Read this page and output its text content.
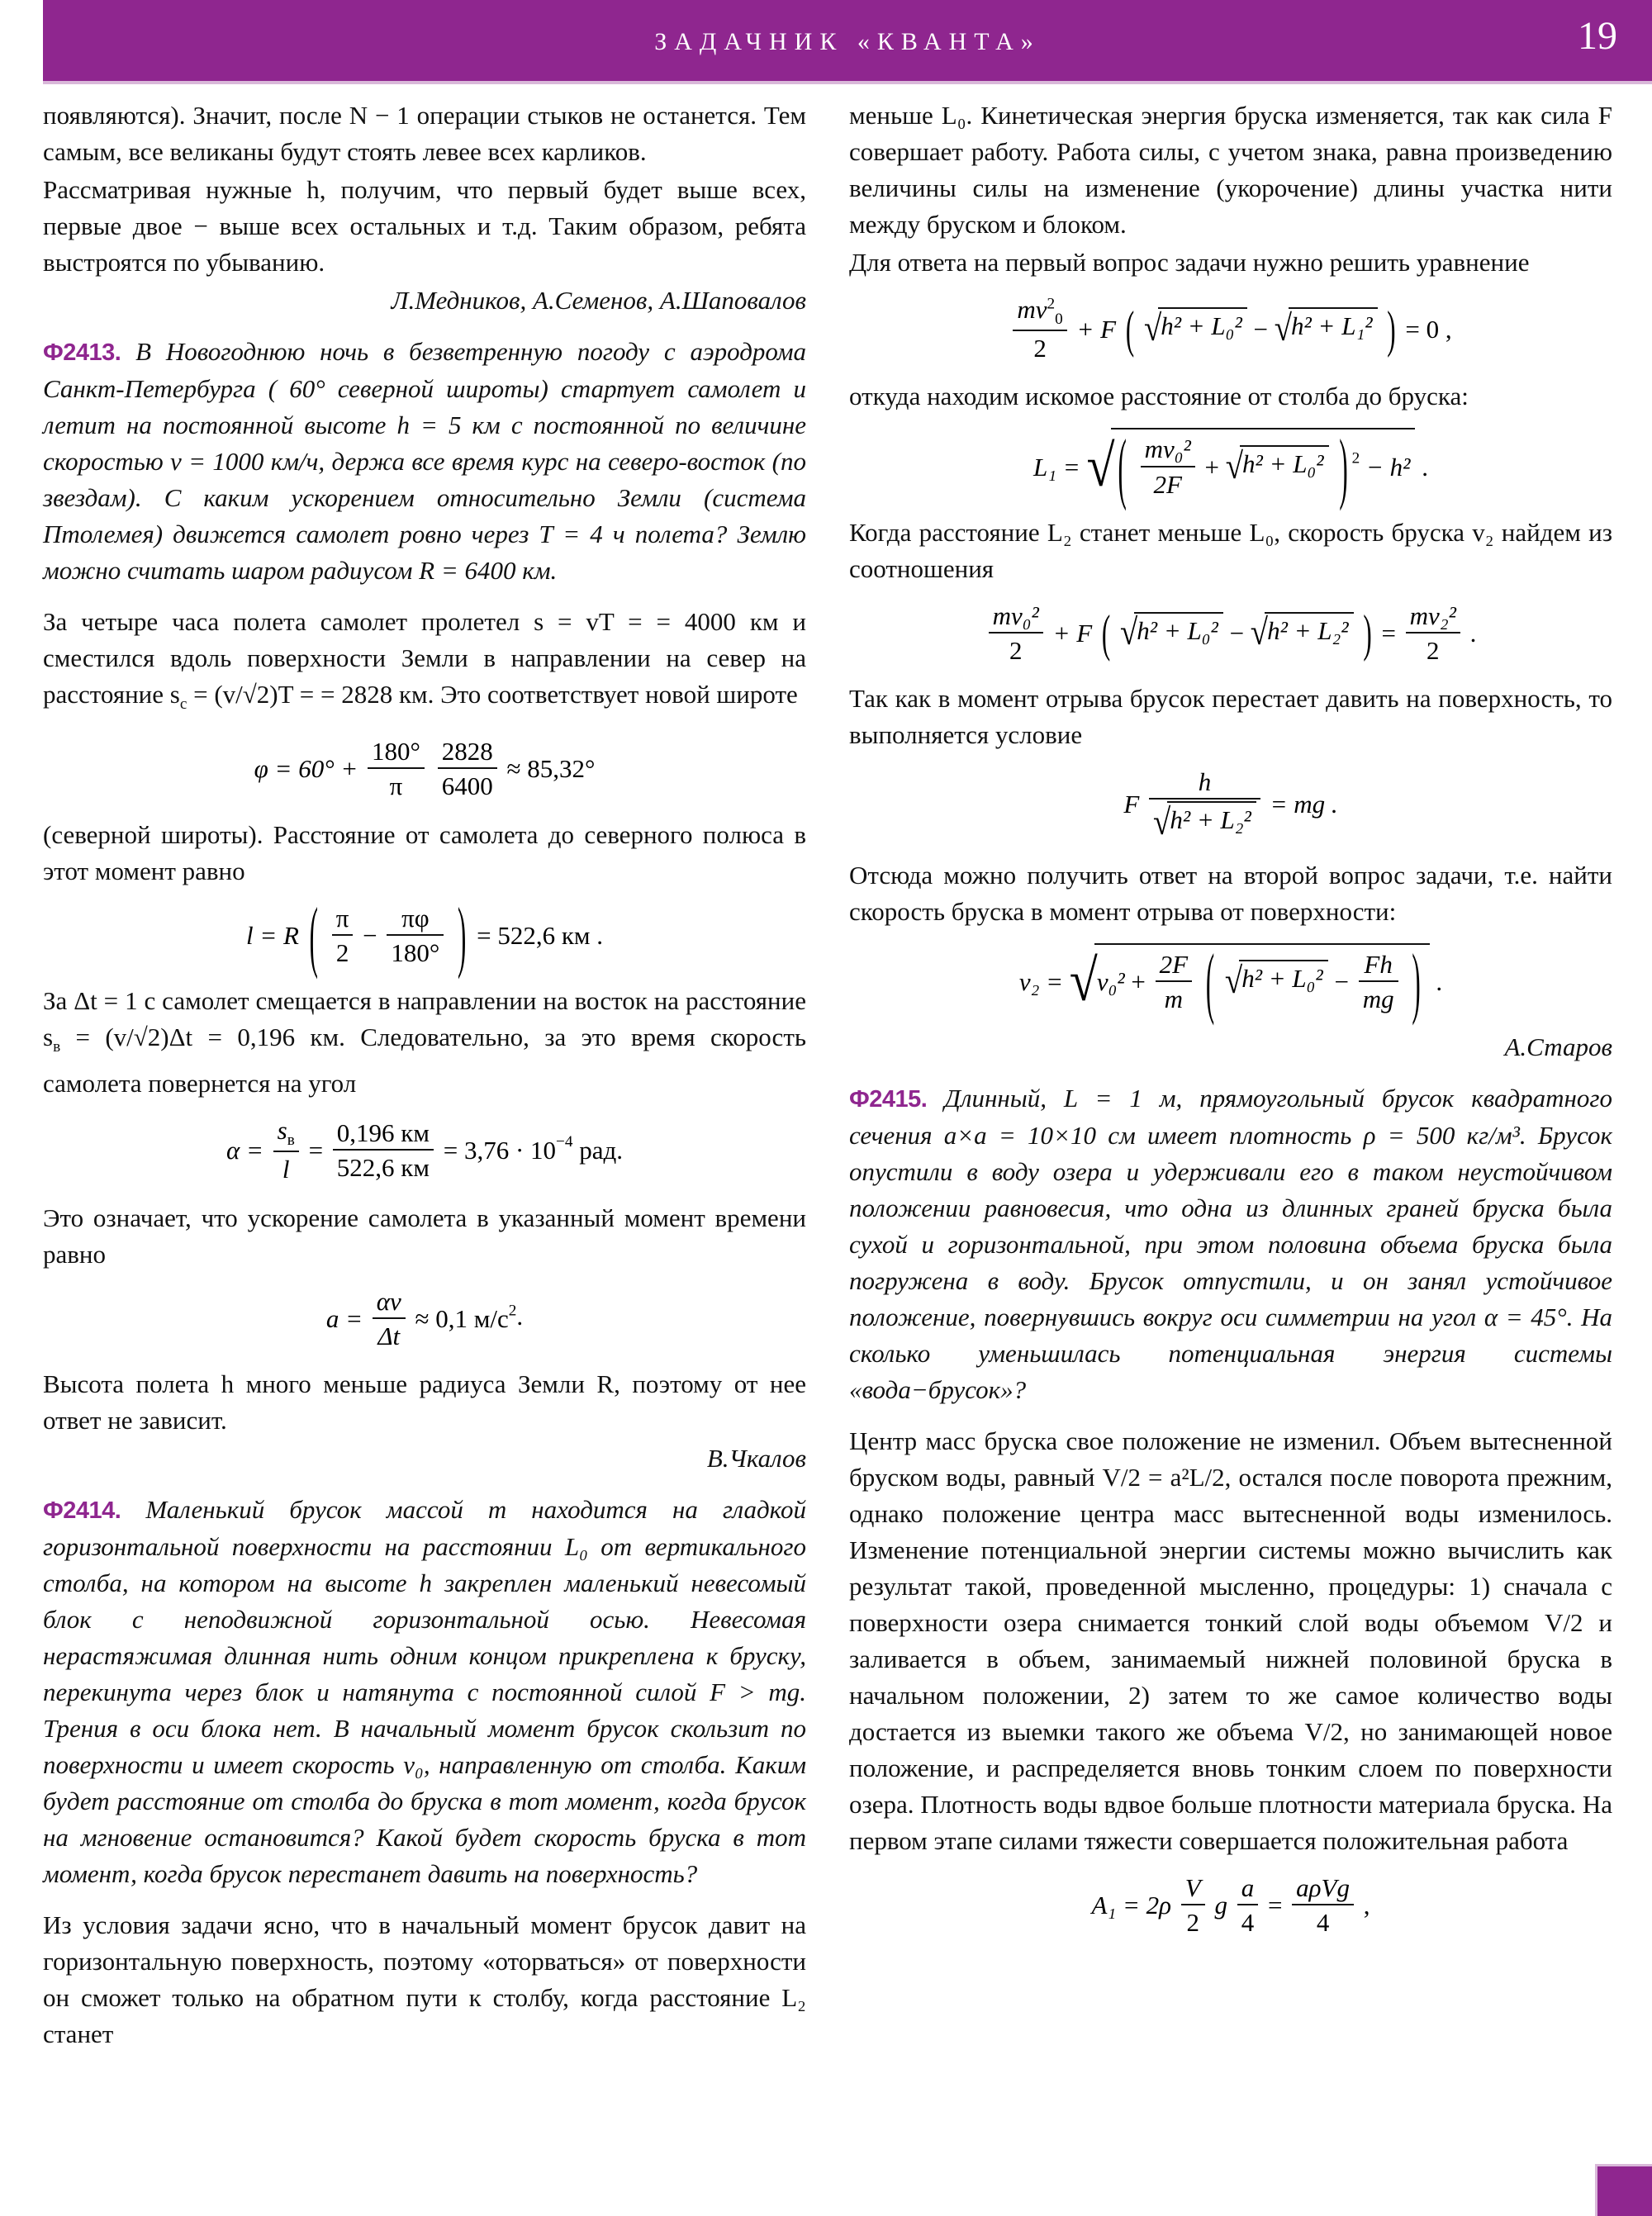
ЗАДАЧНИК «КВАНТА»	19

появляются). Значит, после N − 1 операции стыков не останется. Тем самым, все великаны будут стоять левее всех карликов.

Рассматривая нужные h, получим, что первый будет выше всех, первые двое − выше всех остальных и т.д. Таким образом, ребята выстроятся по убыванию.

Л.Медников, А.Семенов, А.Шаповалов

Ф2413. В Новогоднюю ночь в безветренную погоду с аэродрома Санкт-Петербурга ( 60° северной широты) стартует самолет и летит на постоянной высоте h = 5 км с постоянной по величине скоростью v = 1000 км/ч, держа все время курс на северо-восток (по звездам). С каким ускорением относительно Земли (система Птолемея) движется самолет ровно через T = 4 ч полета? Землю можно считать шаром радиусом R = 6400 км.

За четыре часа полета самолет пролетел s = vT = = 4000 км и сместился вдоль поверхности Земли в направлении на север на расстояние $s_с = (v/√2)T$ = = 2828 км. Это соответствует новой широте

$\varphi = 60^\circ + \frac{180^\circ}{\pi}$
$\frac{2828}{6400} \approx 85,32^\circ$

(северной широты). Расстояние от самолета до северного полюса в этот момент равно

l = R ( $\frac{\pi}{2} - \frac{\pi\varphi}{180^\circ}$ ) = 522,6 км .

За Δt = 1 с самолет смещается в направлении на восток на расстояние $s_в = (v/√2)\Delta t = 0,196$ км. Следовательно, за это время скорость самолета повернется на угол

$\alpha = \frac{s_в}{l} = \frac{0,196 км}{522,6 км} = 3,76 \cdot 10^{-4}$ рад.

Это означает, что ускорение самолета в указанный момент времени равно

$a = \frac{\alpha v}{\Delta t} \approx 0,1$ $м/с^2$.

Высота полета h много меньше радиуса Земли R, поэтому от нее ответ не зависит.

В.Чкалов

Ф2414. Маленький брусок массой m находится на гладкой горизонтальной поверхности на расстоянии L₀ от вертикального столба, на котором на высоте h закреплен маленький невесомый блок с неподвижной горизонтальной осью. Невесомая нерастяжимая длинная нить одним концом прикреплена к бруску, перекинута через блок и натянута с постоянной силой F > mg. Трения в оси блока нет. В начальный момент брусок скользит по поверхности и имеет скорость v₀, направленную от столба. Каким будет расстояние от столба до бруска в тот момент, когда брусок на мгновение остановится? Какой будет скорость бруска в тот момент, когда брусок перестанет давить на поверхность?

Из условия задачи ясно, что в начальный момент брусок давит на горизонтальную поверхность, поэтому «оторваться» от поверхности он сможет только на обратном пути к столбу, когда расстояние L₂ станет

меньше L₀. Кинетическая энергия бруска изменяется, так как сила F совершает работу. Работа силы, с учетом знака, равна произведению величины силы на изменение (укорочение) длины участка нити между бруском и блоком.

Для ответа на первый вопрос задачи нужно решить уравнение

$\frac{mv^2_0}{2} + F$ ( √h² + L₀² − √h² + L₁² ) = 0 ,

откуда находим искомое расстояние от столба до бруска:

L₁ = √ ( $\frac{\text{mv₀²}}{2F} + √h^2 + L_0^2$ ) $^2$ − h² .

Когда расстояние L₂ станет меньше L₀, скорость бруска v₂ найдем из соотношения

$\frac{\text{mv₀²}}{2} + F$ ( √h² + L₀² − √h² + L₂² ) = $\frac{\text{mv₂²}}{2}$ .

Так как в момент отрыва брусок перестает давить на поверхность, то выполняется условие

F $\frac{h}{\text{√h² + L₂²}}$ = mg .

Отсюда можно получить ответ на второй вопрос задачи, т.е. найти скорость бруска в момент отрыва от поверхности:

$v_2 = √v_0^2 + \frac{2F}{m}$ ( $√h^2 + L_0^2 - \frac{Fh}{mg}$ ) .

А.Старов

Ф2415. Длинный, L = 1 м, прямоугольный брусок квадратного сечения a×a = 10×10 см имеет плотность ρ = 500 кг/м³. Брусок опустили в воду озера и удерживали его в таком неустойчивом положении равновесия, что одна из длинных граней бруска была сухой и горизонтальной, при этом половина объема бруска была погружена в воду. Брусок отпустили, и он занял устойчивое положение, повернувшись вокруг оси симметрии на угол α = 45°. На сколько уменьшилась потенциальная энергия системы «вода−брусок»?

Центр масс бруска свое положение не изменил. Объем вытесненной бруском воды, равный V/2 = a²L/2, остался после поворота прежним, однако положение центра масс вытесненной воды изменилось. Изменение потенциальной энергии системы можно вычислить как результат такой, проведенной мысленно, процедуры: 1) сначала с поверхности озера снимается тонкий слой воды объемом V/2 и заливается в объем, занимаемый нижней половиной бруска в начальном положении, 2) затем то же самое количество воды достается из выемки такого же объема V/2, но занимающей новое положение, и распределяется вновь тонким слоем по поверхности озера. Плотность воды вдвое больше плотности материала бруска. На первом этапе силами тяжести совершается положительная работа

$A_1 = 2\rho \frac{V}{2}$ g $\frac{a}{4} = \frac{\text{aρVg}}{4}$ ,
